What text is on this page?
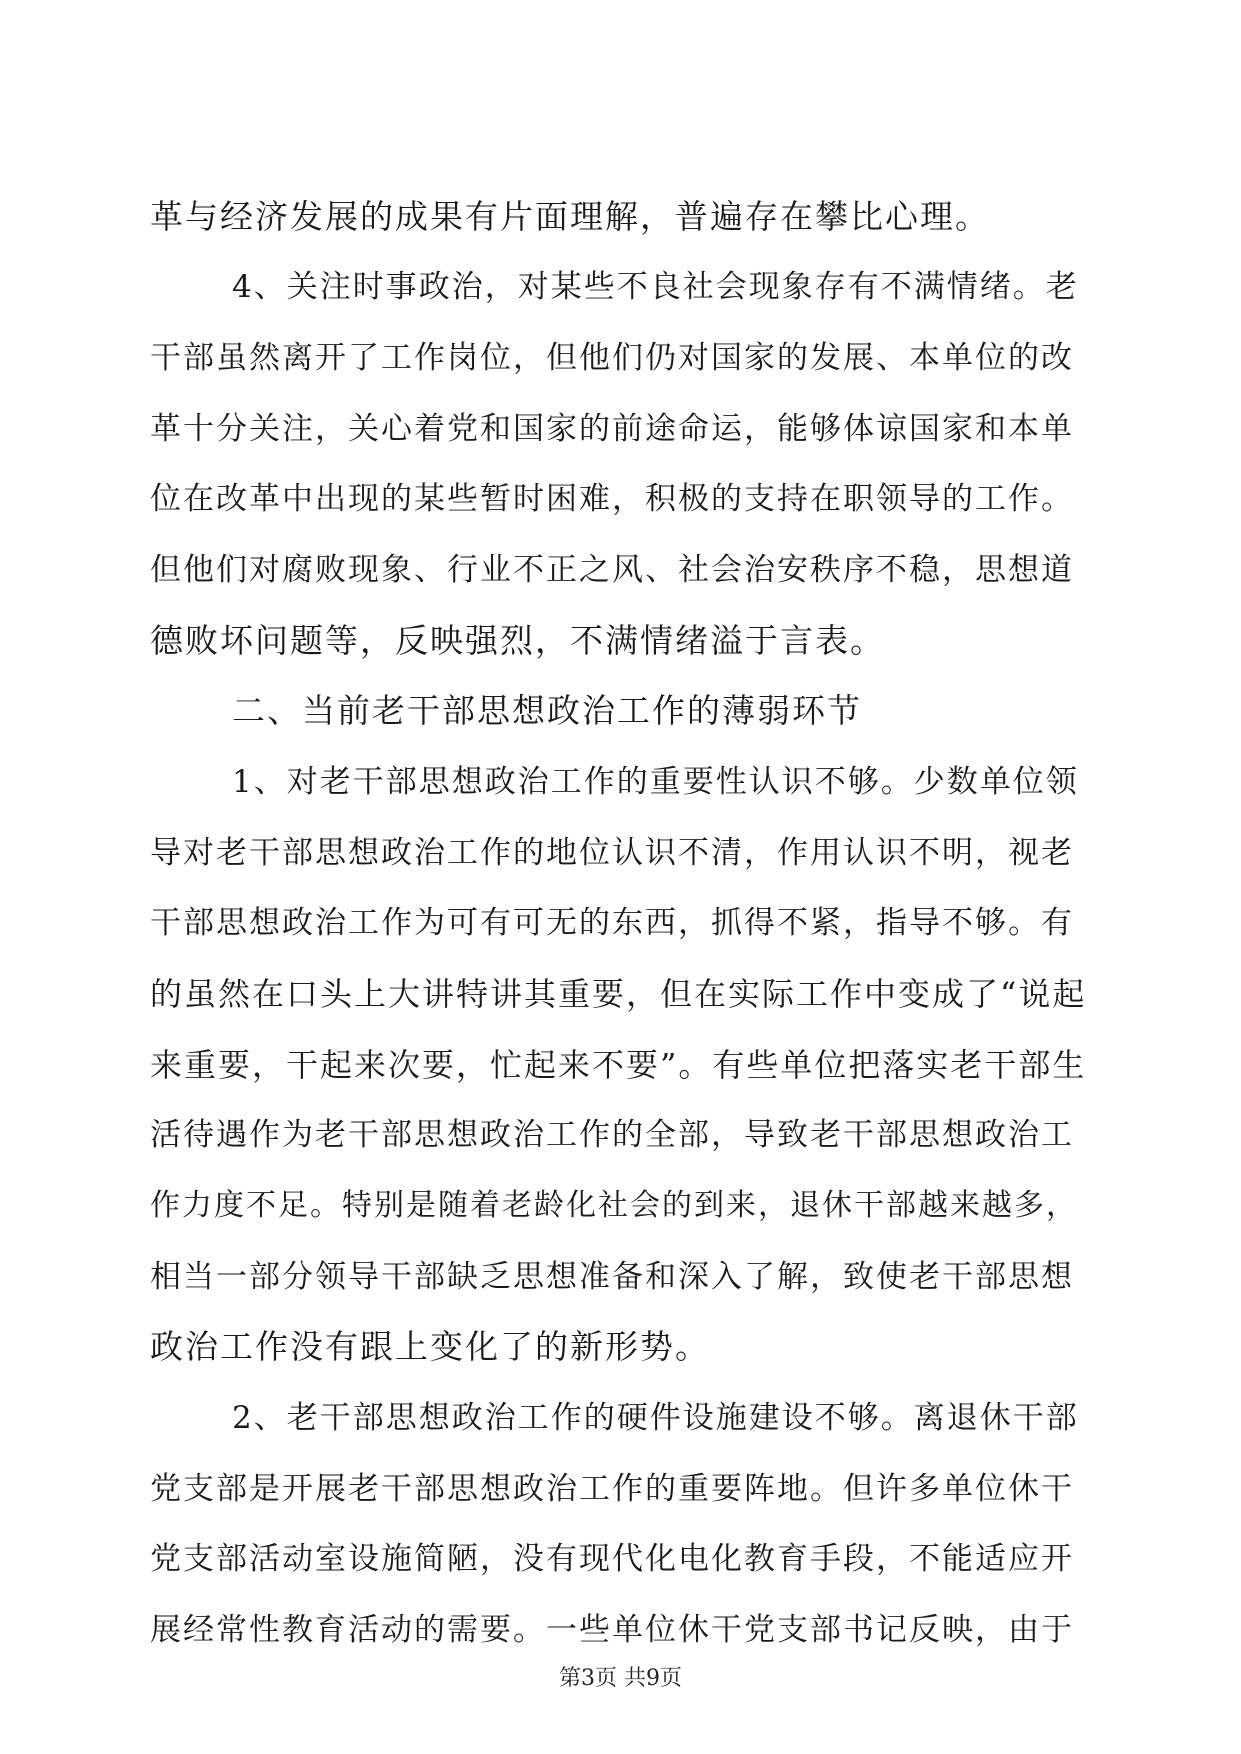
革与经济发展的成果有片面理解，普遍存在攀比心理。
4、关注时事政治，对某些不良社会现象存有不满情绪。老
干部虽然离开了工作岗位，但他们仍对国家的发展、本单位的改
革十分关注，关心着党和国家的前途命运，能够体谅国家和本单
位在改革中出现的某些暂时困难，积极的支持在职领导的工作。
但他们对腐败现象、行业不正之风、社会治安秩序不稳，思想道
德败坏问题等，反映强烈，不满情绪溢于言表。
二、当前老干部思想政治工作的薄弱环节
1、对老干部思想政治工作的重要性认识不够。少数单位领
导对老干部思想政治工作的地位认识不清，作用认识不明，视老
干部思想政治工作为可有可无的东西，抓得不紧，指导不够。有
的虽然在口头上大讲特讲其重要，但在实际工作中变成了“说起
来重要，干起来次要，忙起来不要”。有些单位把落实老干部生
活待遇作为老干部思想政治工作的全部，导致老干部思想政治工
作力度不足。特别是随着老龄化社会的到来，退休干部越来越多，
相当一部分领导干部缺乏思想准备和深入了解，致使老干部思想
政治工作没有跟上变化了的新形势。
2、老干部思想政治工作的硬件设施建设不够。离退休干部
党支部是开展老干部思想政治工作的重要阵地。但许多单位休干
党支部活动室设施简陋，没有现代化电化教育手段，不能适应开
展经常性教育活动的需要。一些单位休干党支部书记反映，由于
第3页 共9页
